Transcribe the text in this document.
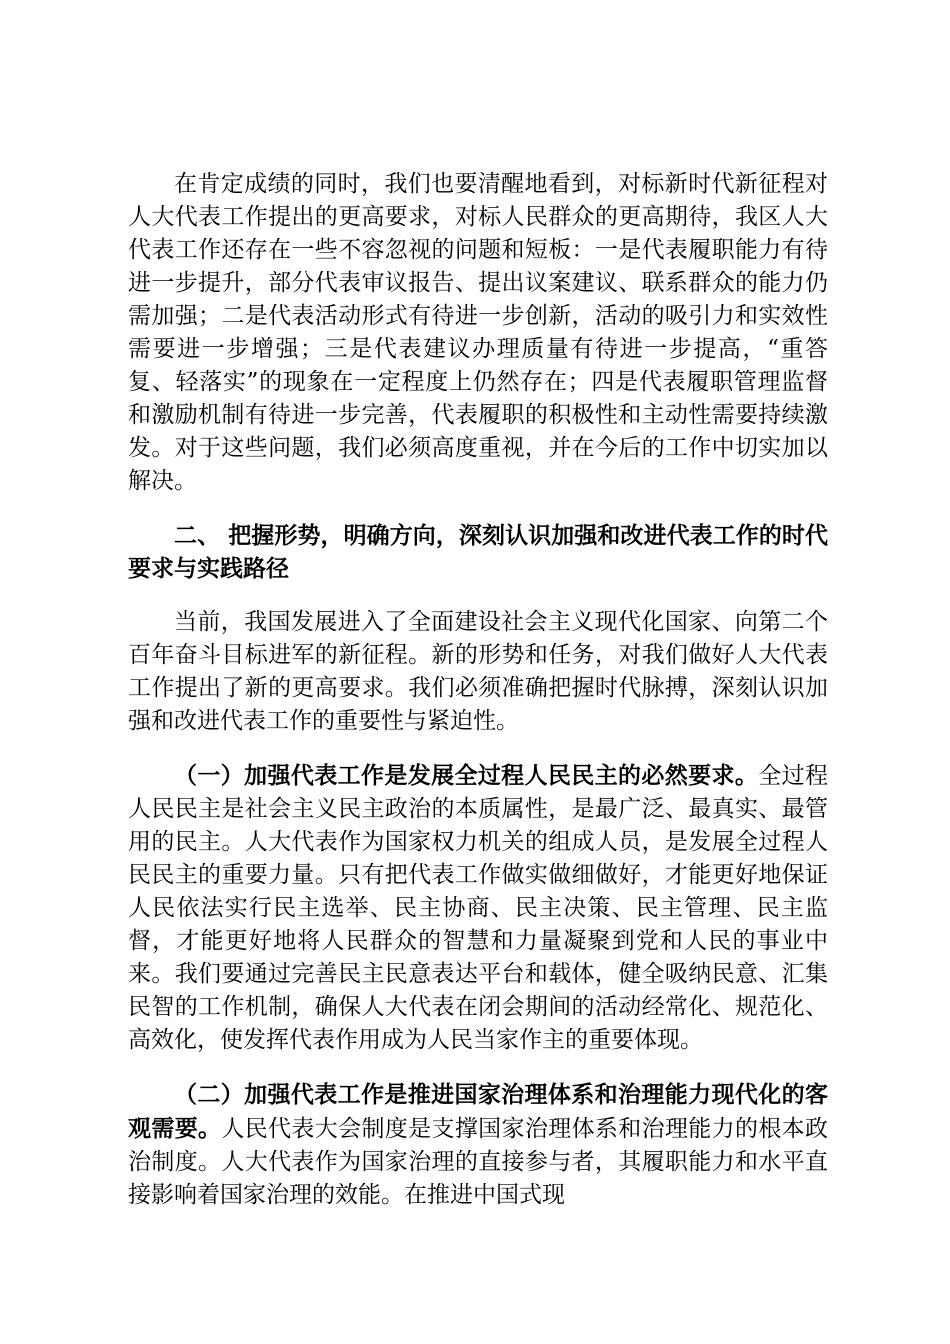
在肯定成绩的同时，我们也要清醒地看到，对标新时代新征程对人大代表工作提出的更高要求，对标人民群众的更高期待，我区人大代表工作还存在一些不容忽视的问题和短板：一是代表履职能力有待进一步提升，部分代表审议报告、提出议案建议、联系群众的能力仍需加强；二是代表活动形式有待进一步创新，活动的吸引力和实效性需要进一步增强；三是代表建议办理质量有待进一步提高，“重答复、轻落实”的现象在一定程度上仍然存在；四是代表履职管理监督和激励机制有待进一步完善，代表履职的积极性和主动性需要持续激发。对于这些问题，我们必须高度重视，并在今后的工作中切实加以解决。

二、 把握形势，明确方向，深刻认识加强和改进代表工作的时代要求与实践路径

当前，我国发展进入了全面建设社会主义现代化国家、向第二个百年奋斗目标进军的新征程。新的形势和任务，对我们做好人大代表工作提出了新的更高要求。我们必须准确把握时代脉搏，深刻认识加强和改进代表工作的重要性与紧迫性。

（一）加强代表工作是发展全过程人民民主的必然要求。全过程人民民主是社会主义民主政治的本质属性，是最广泛、最真实、最管用的民主。人大代表作为国家权力机关的组成人员，是发展全过程人民民主的重要力量。只有把代表工作做实做细做好，才能更好地保证人民依法实行民主选举、民主协商、民主决策、民主管理、民主监督，才能更好地将人民群众的智慧和力量凝聚到党和人民的事业中来。我们要通过完善民主民意表达平台和载体，健全吸纳民意、汇集民智的工作机制，确保人大代表在闭会期间的活动经常化、规范化、高效化，使发挥代表作用成为人民当家作主的重要体现。

（二）加强代表工作是推进国家治理体系和治理能力现代化的客观需要。人民代表大会制度是支撑国家治理体系和治理能力的根本政治制度。人大代表作为国家治理的直接参与者，其履职能力和水平直接影响着国家治理的效能。在推进中国式现
